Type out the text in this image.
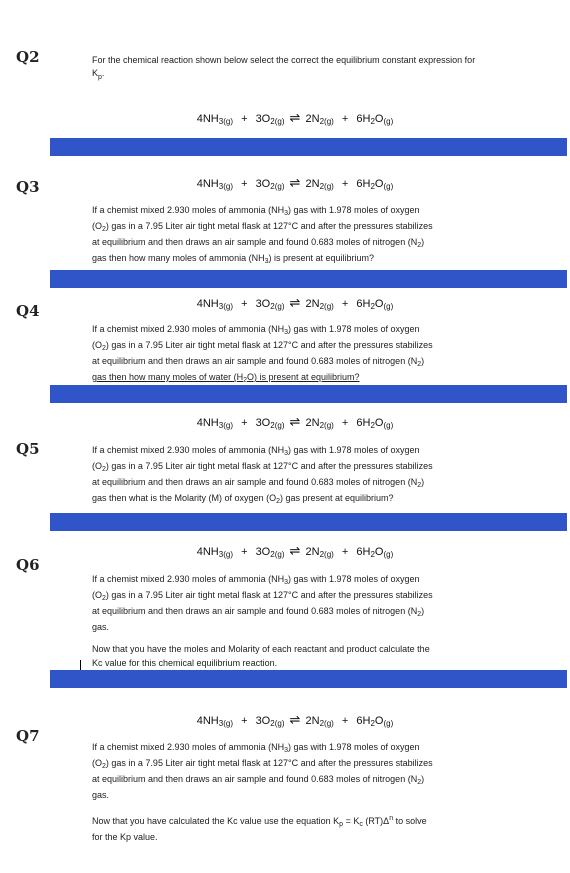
Q2	For the chemical reaction shown below select the correct the equilibrium constant expression for
$K_p$.
$4NH_{3(g)} + 3O_{2(g)}$ ⇌ $2N_{2(g)} + 6H_2O_{(g)}$
Q3	$4NH_{3(g)} + 3O_{2(g)}$ ⇌ $2N_{2(g)} + 6H_2O_{(g)}$
If a chemist mixed 2.930 moles of ammonia $(NH_3)$ gas with 1.978 moles of oxygen
$(O_2)$ gas in a 7.95 Liter air tight metal flask at 127°C and after the pressures stabilizes
at equilibrium and then draws an air sample and found 0.683 moles of nitrogen $(N_2)$
gas then how many moles of ammonia $(NH_3)$ is present at equilibrium?
Q4	$4NH_{3(g)} + 3O_{2(g)}$ ⇌ $2N_{2(g)} + 6H_2O_{(g)}$
If a chemist mixed 2.930 moles of ammonia $(NH_3)$ gas with 1.978 moles of oxygen
$(O_2)$ gas in a 7.95 Liter air tight metal flask at 127°C and after the pressures stabilizes
at equilibrium and then draws an air sample and found 0.683 moles of nitrogen $(N_2)$
gas then how many moles of water $(H_2O)$ is present at equilibrium?
Q5
$4NH_{3(g)} + 3O_{2(g)}$ ⇌ $2N_{2(g)} + 6H_2O_{(g)}$
If a chemist mixed 2.930 moles of ammonia $(NH_3)$ gas with 1.978 moles of oxygen
$(O_2)$ gas in a 7.95 Liter air tight metal flask at 127°C and after the pressures stabilizes
at equilibrium and then draws an air sample and found 0.683 moles of nitrogen $(N_2)$
gas then what is the Molarity (M) of oxygen $(O_2)$ gas present at equilibrium?
Q6
$4NH_{3(g)} + 3O_{2(g)}$ ⇌ $2N_{2(g)} + 6H_2O_{(g)}$
If a chemist mixed 2.930 moles of ammonia $(NH_3)$ gas with 1.978 moles of oxygen
$(O_2)$ gas in a 7.95 Liter air tight metal flask at 127°C and after the pressures stabilizes
at equilibrium and then draws an air sample and found 0.683 moles of nitrogen $(N_2)$
gas.
Now that you have the moles and Molarity of each reactant and product calculate the
Kc value for this chemical equilibrium reaction.
Q7
$4NH_{3(g)} + 3O_{2(g)}$ ⇌ $2N_{2(g)} + 6H_2O_{(g)}$
If a chemist mixed 2.930 moles of ammonia $(NH_3)$ gas with 1.978 moles of oxygen
$(O_2)$ gas in a 7.95 Liter air tight metal flask at 127°C and after the pressures stabilizes
at equilibrium and then draws an air sample and found 0.683 moles of nitrogen $(N_2)$
gas.
Now that you have calculated the Kc value use the equation $K_p = K_c$ $(RT)\Delta^n$ to solve
for the Kp value.
